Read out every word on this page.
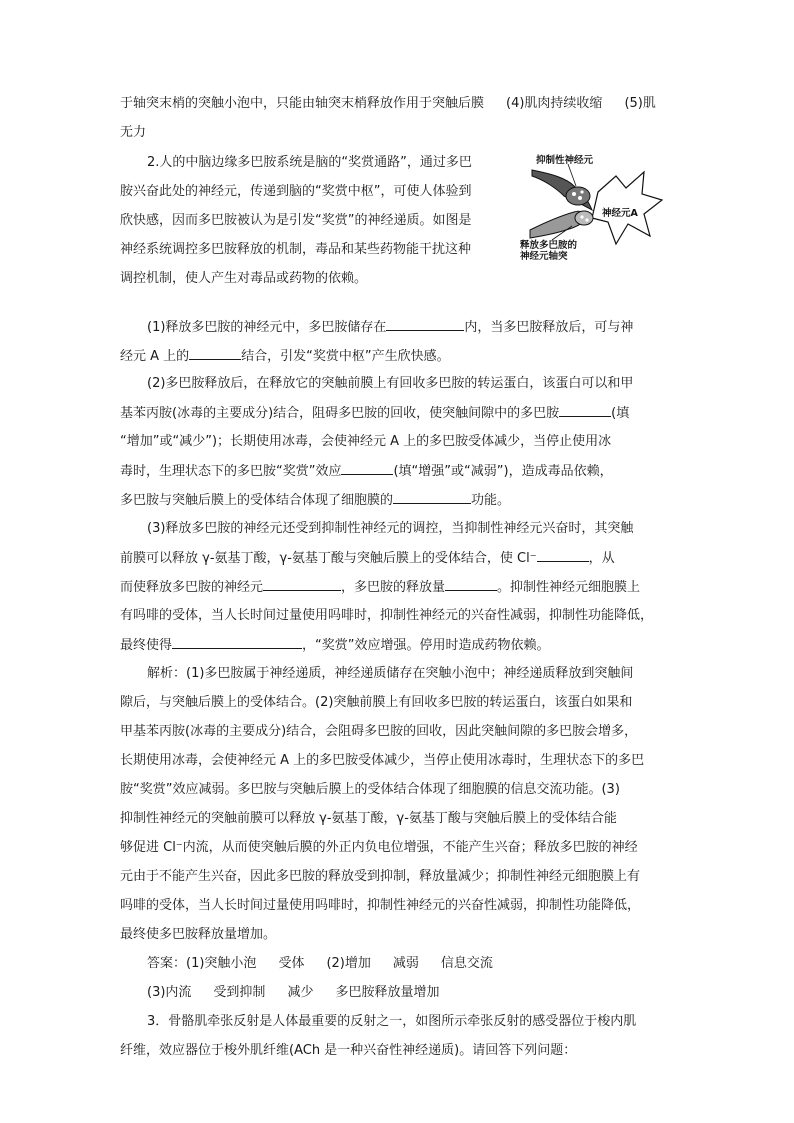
于轴突末梢的突触小泡中，只能由轴突末梢释放作用于突触后膜 (4)肌肉持续收缩 (5)肌
无力
2.人的中脑边缘多巴胺系统是脑的“奖赏通路”，通过多巴
胺兴奋此处的神经元，传递到脑的“奖赏中枢”，可使人体验到
欣快感，因而多巴胺被认为是引发“奖赏”的神经递质。如图是
神经系统调控多巴胺释放的机制，毒品和某些药物能干扰这种
调控机制，使人产生对毒品或药物的依赖。
抑制性神经元
神经元A
释放多巴胺的
神经元轴突
(1)释放多巴胺的神经元中，多巴胺储存在	内，当多巴胺释放后，可与神
经元 A 上的	结合，引发“奖赏中枢”产生欣快感。
(2)多巴胺释放后，在释放它的突触前膜上有回收多巴胺的转运蛋白，该蛋白可以和甲
基苯丙胺(冰毒的主要成分)结合，阻碍多巴胺的回收，使突触间隙中的多巴胺	(填
“增加”或“减少”)；长期使用冰毒，会使神经元 A 上的多巴胺受体减少，当停止使用冰
毒时，生理状态下的多巴胺“奖赏”效应	(填“增强”或“减弱”)，造成毒品依赖，
多巴胺与突触后膜上的受体结合体现了细胞膜的	功能。
(3)释放多巴胺的神经元还受到抑制性神经元的调控，当抑制性神经元兴奋时，其突触
前膜可以释放 γ-氨基丁酸，γ-氨基丁酸与突触后膜上的受体结合，使 Cl⁻	，从
而使释放多巴胺的神经元	，多巴胺的释放量	。抑制性神经元细胞膜上
有吗啡的受体，当人长时间过量使用吗啡时，抑制性神经元的兴奋性减弱，抑制性功能降低，
最终使得	，“奖赏”效应增强。停用时造成药物依赖。
解析：(1)多巴胺属于神经递质，神经递质储存在突触小泡中；神经递质释放到突触间
隙后，与突触后膜上的受体结合。(2)突触前膜上有回收多巴胺的转运蛋白，该蛋白如果和
甲基苯丙胺(冰毒的主要成分)结合，会阻碍多巴胺的回收，因此突触间隙的多巴胺会增多，
长期使用冰毒，会使神经元 A 上的多巴胺受体减少，当停止使用冰毒时，生理状态下的多巴
胺“奖赏”效应减弱。多巴胺与突触后膜上的受体结合体现了细胞膜的信息交流功能。(3)
抑制性神经元的突触前膜可以释放 γ-氨基丁酸，γ-氨基丁酸与突触后膜上的受体结合能
够促进 Cl⁻内流，从而使突触后膜的外正内负电位增强，不能产生兴奋；释放多巴胺的神经
元由于不能产生兴奋，因此多巴胺的释放受到抑制，释放量减少；抑制性神经元细胞膜上有
吗啡的受体，当人长时间过量使用吗啡时，抑制性神经元的兴奋性减弱，抑制性功能降低，
最终使多巴胺释放量增加。
答案：(1)突触小泡 受体 (2)增加 减弱 信息交流
(3)内流 受到抑制 减少 多巴胺释放量增加
3．骨骼肌牵张反射是人体最重要的反射之一，如图所示牵张反射的感受器位于梭内肌
纤维，效应器位于梭外肌纤维(ACh 是一种兴奋性神经递质)。请回答下列问题：
